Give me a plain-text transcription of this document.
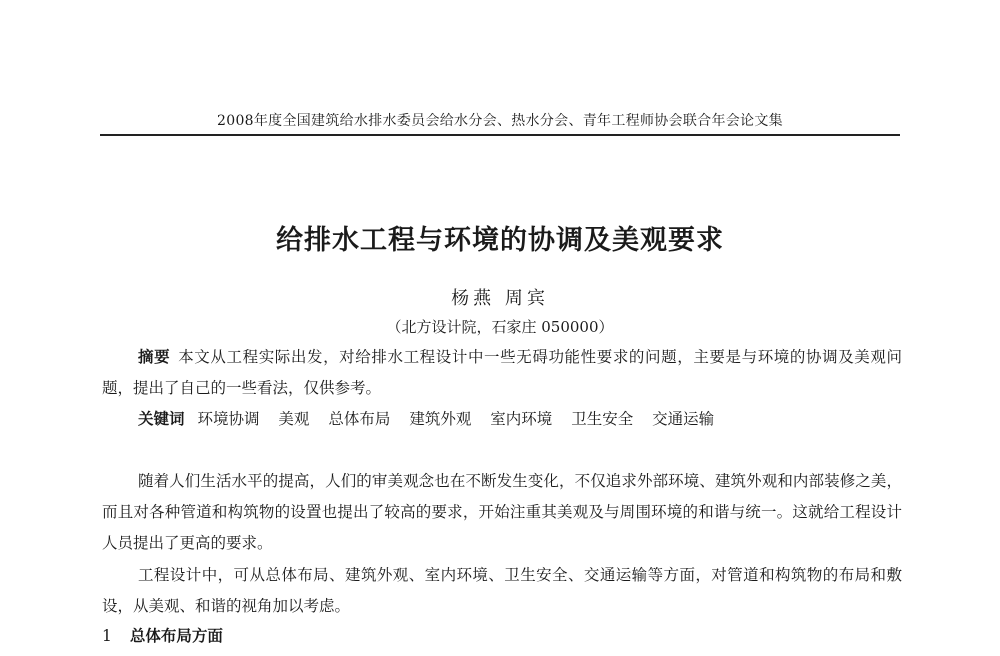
2008年度全国建筑给水排水委员会给水分会、热水分会、青年工程师协会联合年会论文集
给排水工程与环境的协调及美观要求
杨燕 周宾
（北方设计院，石家庄 050000）
摘要 本文从工程实际出发，对给排水工程设计中一些无碍功能性要求的问题，主要是与环境的协调及美观问题，提出了自己的一些看法，仅供参考。
关键词 环境协调 美观 总体布局 建筑外观 室内环境 卫生安全 交通运输
随着人们生活水平的提高，人们的审美观念也在不断发生变化，不仅追求外部环境、建筑外观和内部装修之美，而且对各种管道和构筑物的设置也提出了较高的要求，开始注重其美观及与周围环境的和谐与统一。这就给工程设计人员提出了更高的要求。
工程设计中，可从总体布局、建筑外观、室内环境、卫生安全、交通运输等方面，对管道和构筑物的布局和敷设，从美观、和谐的视角加以考虑。
1 总体布局方面
